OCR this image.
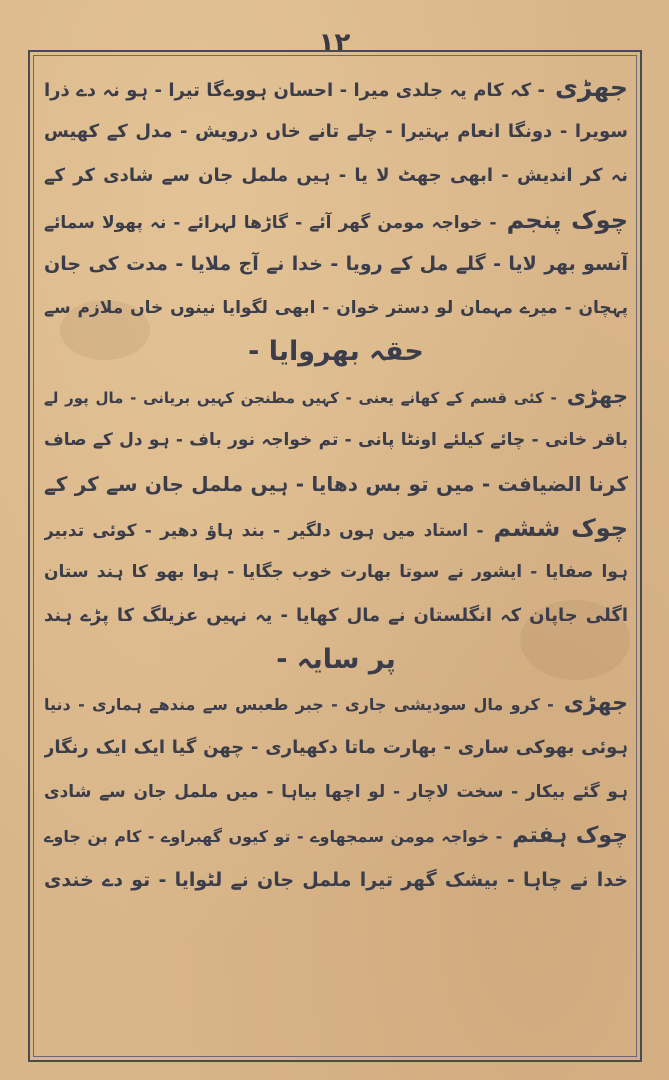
۱۲
جھڑی- کہ کام یہ جلدی میرا - احسان ہووےگا تیرا - ہو نہ دے ذرا
سویرا - دونگا انعام بہتیرا - چلے تانے خاں درویش - مدل کے کھیس
نہ کر اندیش - ابھی جھٹ لا یا - ہیں ململ جان سے شادی کر کے
چوک پنجم- خواجہ مومن گھر آئے - گاڑھا لہرائے - نہ پھولا سمائے
آنسو بھر لایا - گلے مل کے رویا - خدا نے آج ملایا - مدت کی جان
پہچان - میرے مہمان لو دستر خوان - ابھی لگوایا نینوں خاں ملازم سے
حقہ بھروایا -
جھڑی- کئی قسم کے کھانے یعنی - کہیں مطنجن کہیں بریانی - مال پور لے
باقر خانی - چائے کیلئے اونٹا پانی - تم خواجہ نور باف - ہو دل کے صاف
کرنا الضیافت - میں تو بس دھایا - ہیں ململ جان سے کر کے
چوک ششم- استاد میں ہوں دلگیر - بند ہاؤ دھیر - کوئی تدبیر
ہوا صفایا - ایشور نے سوتا بھارت خوب جگایا - ہوا بھو کا ہند ستان
اگلی جاپان کہ انگلستان نے مال کھایا - یہ نہیں عزیلگ کا پڑے ہند
پر سایہ -
جھڑی- کرو مال سودیشی جاری - جبر طعبس سے مندھے ہماری - دنیا
ہوئی بھوکی ساری - بھارت ماتا دکھیاری - چھن گیا ایک ایک رنگار
ہو گئے بیکار - سخت لاچار - لو اچھا بیاہا - میں ململ جان سے شادی
چوک ہفتم- خواجہ مومن سمجھاوے - تو کیوں گھبراوے - کام بن جاوے
خدا نے چاہا - بیشک گھر تیرا ململ جان نے لٹوایا - تو دے خندی
